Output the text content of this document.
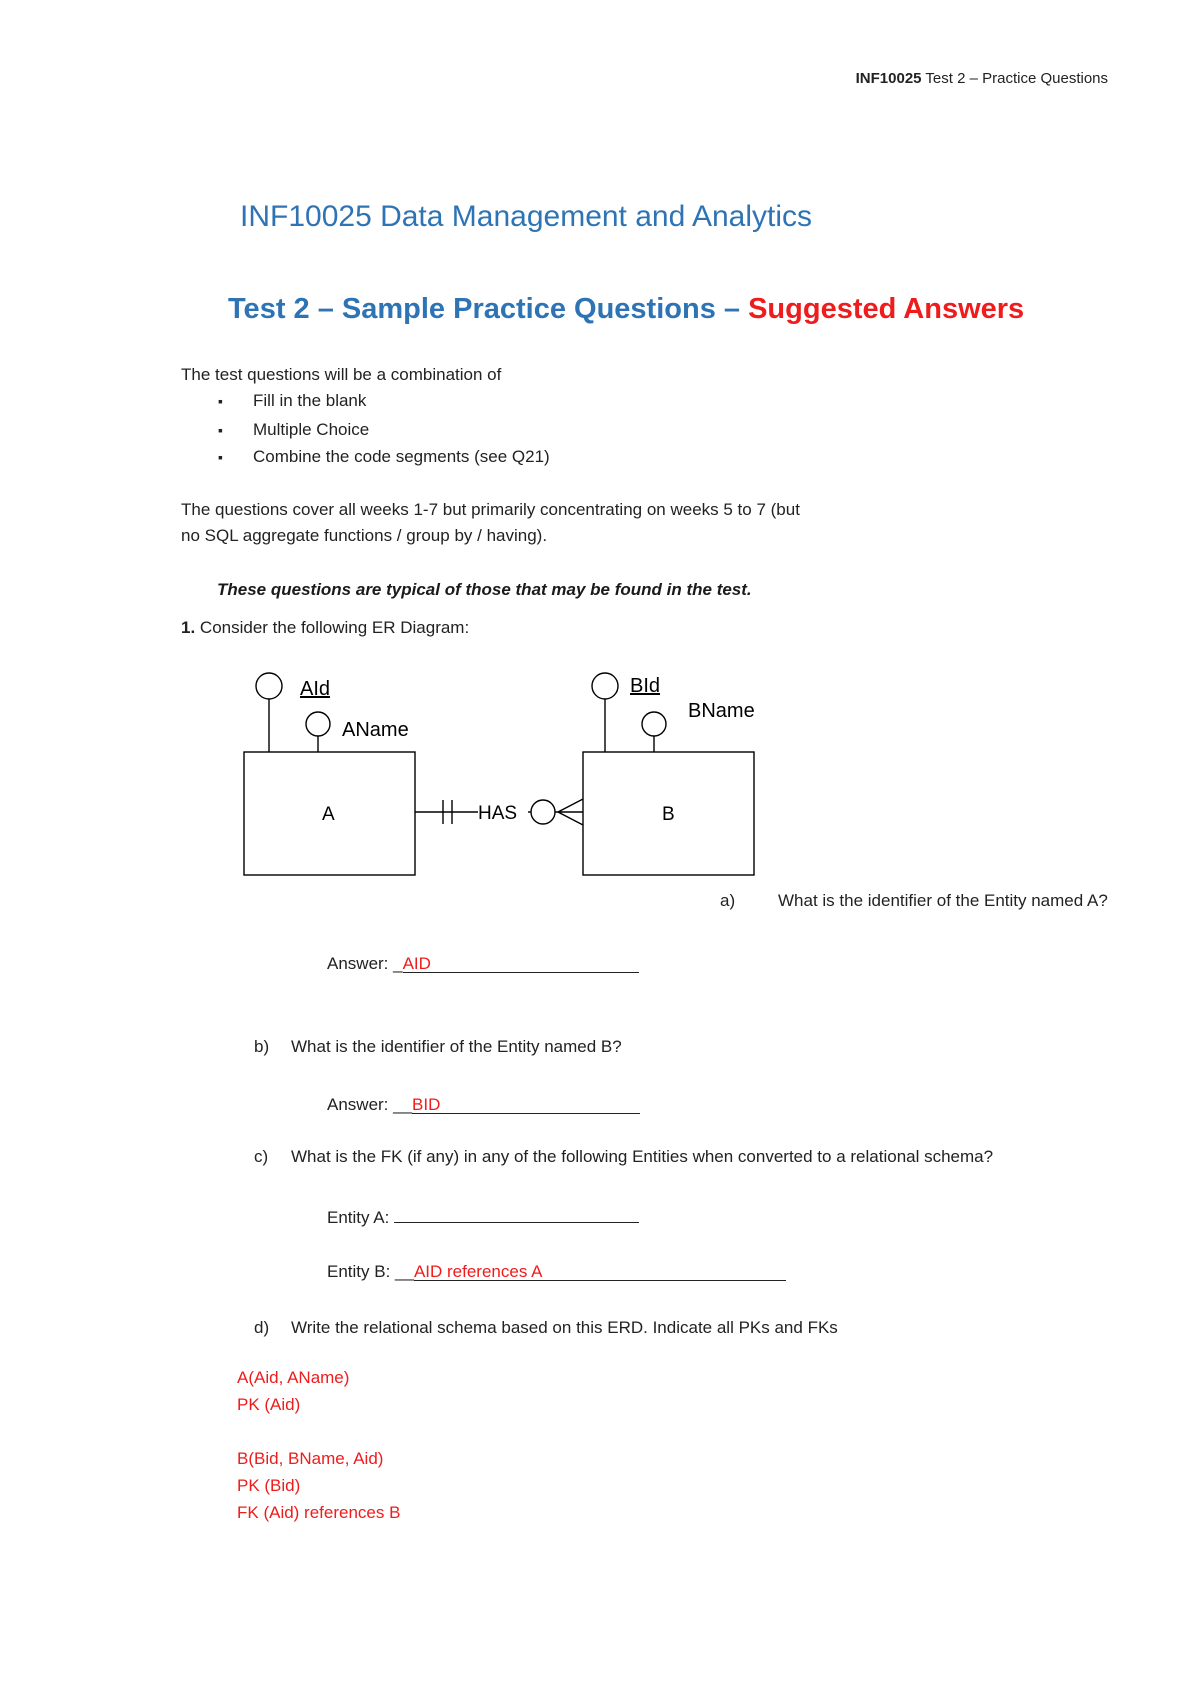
INF10025 Test 2 – Practice Questions
INF10025 Data Management and Analytics
Test 2 – Sample Practice Questions – Suggested Answers
The test questions will be a combination of
▪ Fill in the blank
▪ Multiple Choice
▪ Combine the code segments (see Q21)
The questions cover all weeks 1-7 but primarily concentrating on weeks 5 to 7 (but
no SQL aggregate functions / group by / having).
These questions are typical of those that may be found in the test.
1. Consider the following ER Diagram:
AId
AName
BId
BName
A	B
HAS
a)	What is the identifier of the Entity named A?
Answer: _AID
b) What is the identifier of the Entity named B?
Answer: __BID
c) What is the FK (if any) in any of the following Entities when converted to a relational schema?
Entity A:
Entity B: __AID references A
d) Write the relational schema based on this ERD. Indicate all PKs and FKs
A(Aid, AName)
PK (Aid)
B(Bid, BName, Aid)
PK (Bid)
FK (Aid) references B
